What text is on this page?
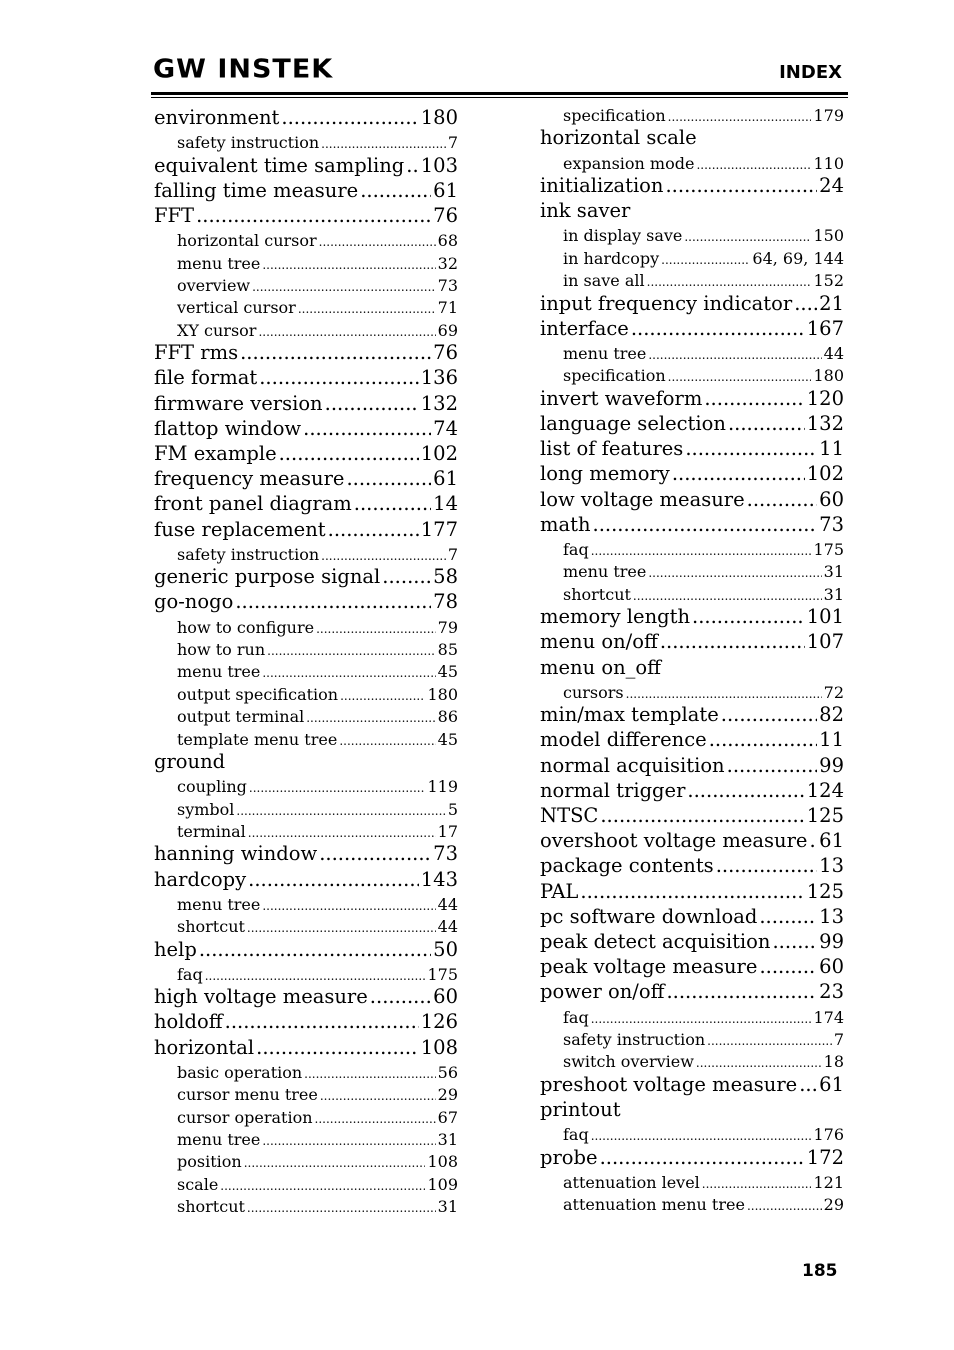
GW INSTEK	INDEX
environment .....	180
safety instruction .....	7
equivalent time sampling ..... 103
falling time measure .....	61
FFT .....	76
horizontal cursor .....	68
menu tree .....	32
overview .....	73
vertical cursor .....	71
XY cursor .....	69
FFT rms .....	76
file format .....	136
firmware version .....	132
flattop window .....	74
FM example .....	102
frequency measure .....	61
front panel diagram .....	14
fuse replacement .....	177
safety instruction .....	7
generic purpose signal .....	58
go-nogo .....	78
how to configure .....	79
how to run .....	85
menu tree .....	45
output specification .....	180
output terminal .....	86
template menu tree .....	45
ground
coupling .....	119
symbol .....	5
terminal .....	17
hanning window .....	73
hardcopy .....	143
menu tree .....	44
shortcut .....	44
help .....	50
faq .....	175
high voltage measure .....	60
holdoff .....	126
horizontal .....	108
basic operation .....	56
cursor menu tree .....	29
cursor operation .....	67
menu tree .....	31
position .....	108
scale .....	109
shortcut .....	31
specification .....	179
horizontal scale
expansion mode .....	110
initialization .....	24
ink saver
in display save .....	150
in hardcopy .....	64, 69, 144
in save all .....	152
input frequency indicator ..... 21
interface .....	167
menu tree .....	44
specification .....	180
invert waveform .....	120
language selection .....	132
list of features .....	11
long memory .....	102
low voltage measure .....	60
math .....	73
faq .....	175
menu tree .....	31
shortcut .....	31
memory length .....	101
menu on/off .....	107
menu on_off
cursors .....	72
min/max template .....	82
model difference .....	11
normal acquisition .....	99
normal trigger .....	124
NTSC .....	125
overshoot voltage measure ..... 61
package contents .....	13
PAL .....	125
pc software download .....	13
peak detect acquisition ..... 99
peak voltage measure .....	60
power on/off .....	23
faq .....	174
safety instruction .....	7
switch overview .....	18
preshoot voltage measure ..... 61
printout
faq .....	176
probe .....	172
attenuation level .....	121
attenuation menu tree .....	29
185
